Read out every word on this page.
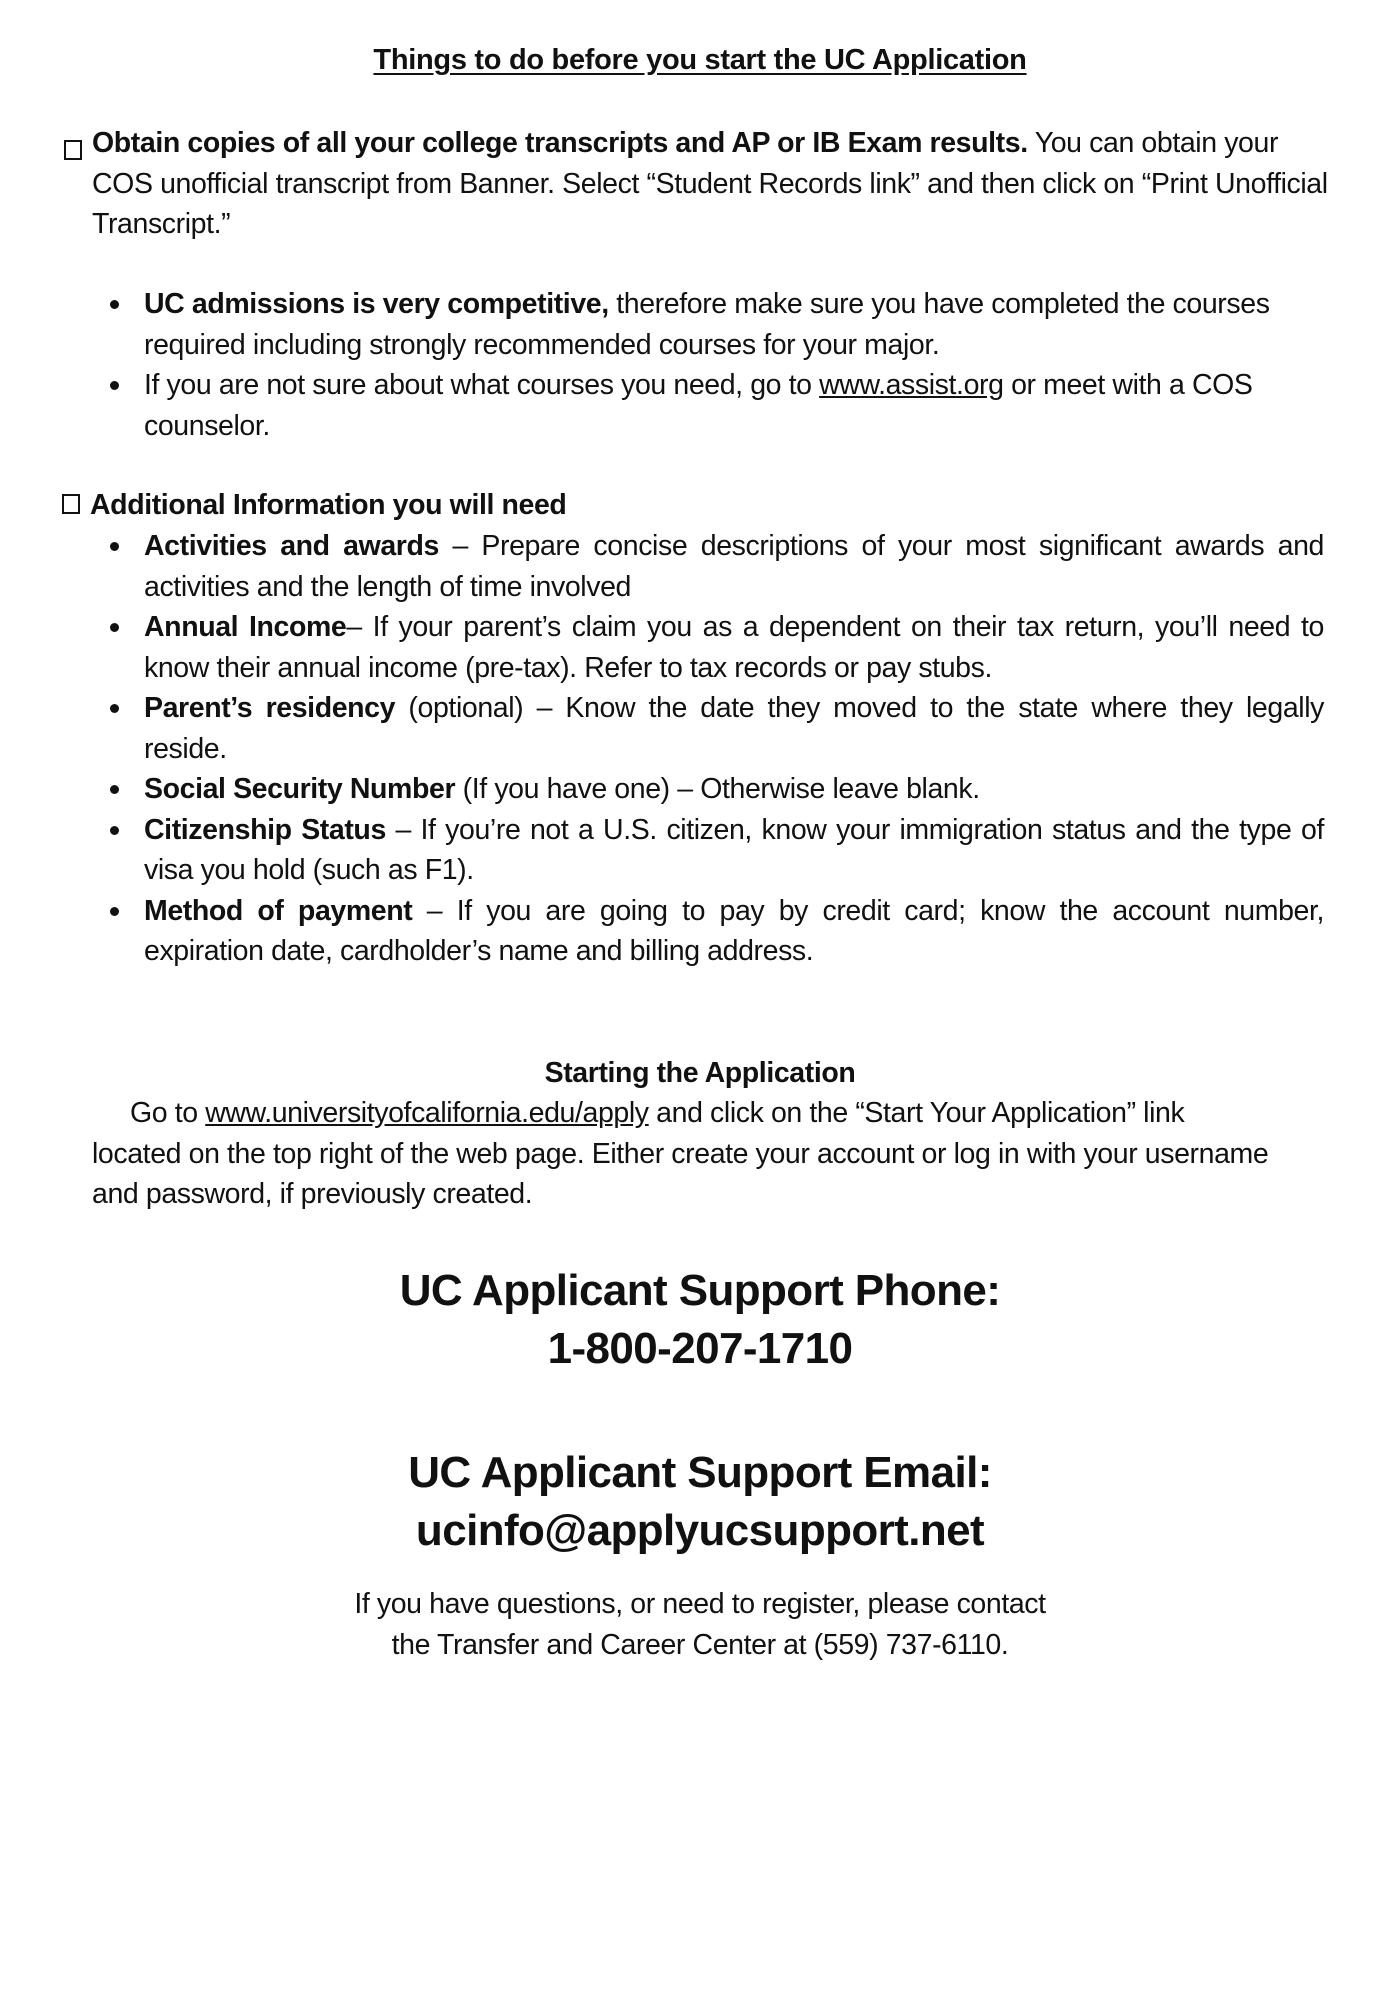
Things to do before you start the UC Application
Obtain copies of all your college transcripts and AP or IB Exam results. You can obtain your COS unofficial transcript from Banner. Select “Student Records link” and then click on “Print Unofficial Transcript.”
UC admissions is very competitive, therefore make sure you have completed the courses required including strongly recommended courses for your major.
If you are not sure about what courses you need, go to www.assist.org or meet with a COS counselor.
Additional Information you will need
Activities and awards – Prepare concise descriptions of your most significant awards and activities and the length of time involved
Annual Income– If your parent’s claim you as a dependent on their tax return, you’ll need to know their annual income (pre-tax). Refer to tax records or pay stubs.
Parent’s residency (optional) – Know the date they moved to the state where they legally reside.
Social Security Number (If you have one) – Otherwise leave blank.
Citizenship Status – If you’re not a U.S. citizen, know your immigration status and the type of visa you hold (such as F1).
Method of payment – If you are going to pay by credit card; know the account number, expiration date, cardholder’s name and billing address.
Starting the Application
Go to www.universityofcalifornia.edu/apply and click on the “Start Your Application” link located on the top right of the web page. Either create your account or log in with your username and password, if previously created.
UC Applicant Support Phone:
1-800-207-1710
UC Applicant Support Email:
ucinfo@applyucsupport.net
If you have questions, or need to register, please contact
the Transfer and Career Center at (559) 737-6110.
